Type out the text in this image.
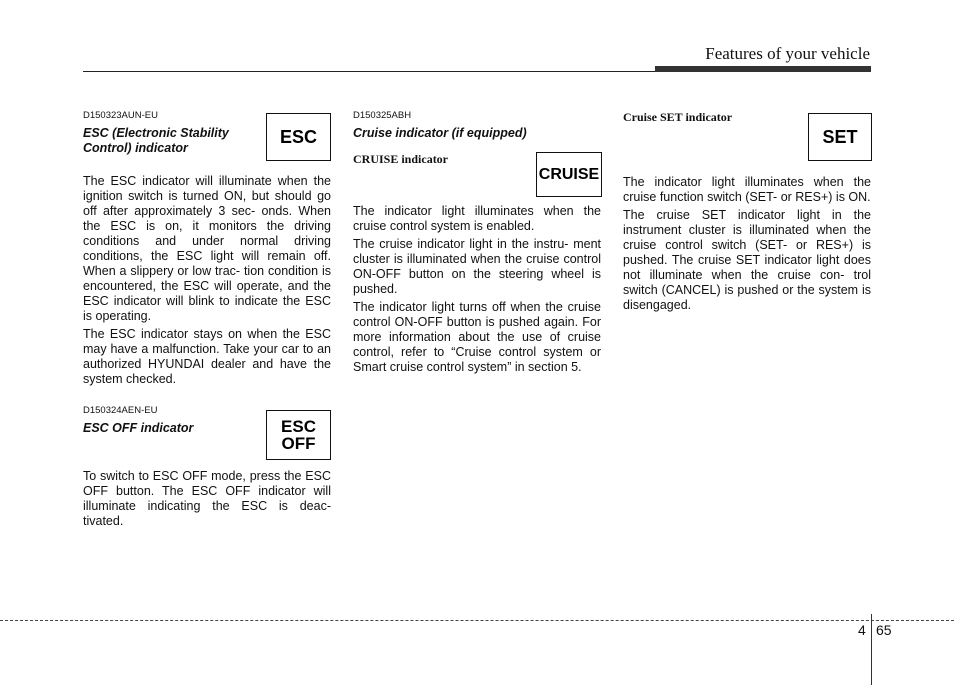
Features of your vehicle

D150323AUN-EU

ESC (Electronic Stability Control) indicator

The ESC indicator will illuminate when the ignition switch is turned ON, but should go off after approximately 3 sec- onds. When the ESC is on, it monitors the driving conditions and under normal driving conditions, the ESC light will remain off. When a slippery or low trac- tion condition is encountered, the ESC will operate, and the ESC indicator will blink to indicate the ESC is operating.

The ESC indicator stays on when the ESC may have a malfunction. Take your car to an authorized HYUNDAI dealer and have the system checked.

ESC

D150324AEN-EU

ESC OFF indicator

To switch to ESC OFF mode, press the ESC OFF button. The ESC OFF indicator will illuminate indicating the ESC is deac- tivated.

ESC
OFF

D150325ABH

Cruise indicator (if equipped)

CRUISE indicator

The indicator light illuminates when the cruise control system is enabled.

The cruise indicator light in the instru- ment cluster is illuminated when the cruise control ON-OFF button on the steering wheel is pushed.

The indicator light turns off when the cruise control ON-OFF button is pushed again. For more information about the use of cruise control, refer to “Cruise control system or Smart cruise control system” in section 5.

CRUISE

Cruise SET indicator

The indicator light illuminates when the cruise function switch (SET- or RES+) is ON.

The cruise SET indicator light in the instrument cluster is illuminated when the cruise control switch (SET- or RES+) is pushed. The cruise SET indicator light does not illuminate when the cruise con- trol switch (CANCEL) is pushed or the system is disengaged.

SET
4 65
